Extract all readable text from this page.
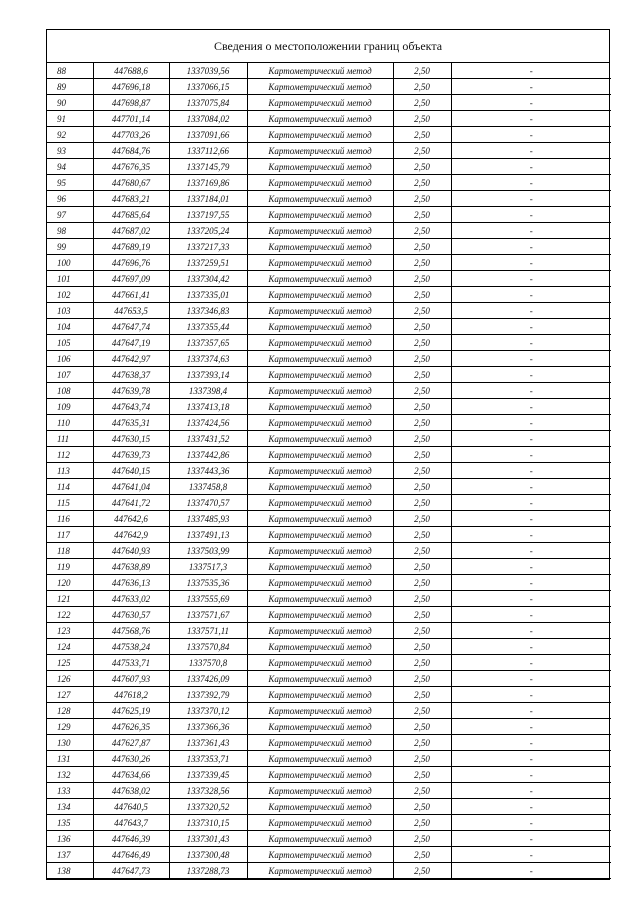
Сведения о местоположении границ объекта
88	447688,6	1337039,56	Картометрический метод	2,50	-
89	447696,18	1337066,15	Картометрический метод	2,50	-
90	447698,87	1337075,84	Картометрический метод	2,50	-
91	447701,14	1337084,02	Картометрический метод	2,50	-
92	447703,26	1337091,66	Картометрический метод	2,50	-
93	447684,76	1337112,66	Картометрический метод	2,50	-
94	447676,35	1337145,79	Картометрический метод	2,50	-
95	447680,67	1337169,86	Картометрический метод	2,50	-
96	447683,21	1337184,01	Картометрический метод	2,50	-
97	447685,64	1337197,55	Картометрический метод	2,50	-
98	447687,02	1337205,24	Картометрический метод	2,50	-
99	447689,19	1337217,33	Картометрический метод	2,50	-
100	447696,76	1337259,51	Картометрический метод	2,50	-
101	447697,09	1337304,42	Картометрический метод	2,50	-
102	447661,41	1337335,01	Картометрический метод	2,50	-
103	447653,5	1337346,83	Картометрический метод	2,50	-
104	447647,74	1337355,44	Картометрический метод	2,50	-
105	447647,19	1337357,65	Картометрический метод	2,50	-
106	447642,97	1337374,63	Картометрический метод	2,50	-
107	447638,37	1337393,14	Картометрический метод	2,50	-
108	447639,78	1337398,4	Картометрический метод	2,50	-
109	447643,74	1337413,18	Картометрический метод	2,50	-
110	447635,31	1337424,56	Картометрический метод	2,50	-
111	447630,15	1337431,52	Картометрический метод	2,50	-
112	447639,73	1337442,86	Картометрический метод	2,50	-
113	447640,15	1337443,36	Картометрический метод	2,50	-
114	447641,04	1337458,8	Картометрический метод	2,50	-
115	447641,72	1337470,57	Картометрический метод	2,50	-
116	447642,6	1337485,93	Картометрический метод	2,50	-
117	447642,9	1337491,13	Картометрический метод	2,50	-
118	447640,93	1337503,99	Картометрический метод	2,50	-
119	447638,89	1337517,3	Картометрический метод	2,50	-
120	447636,13	1337535,36	Картометрический метод	2,50	-
121	447633,02	1337555,69	Картометрический метод	2,50	-
122	447630,57	1337571,67	Картометрический метод	2,50	-
123	447568,76	1337571,11	Картометрический метод	2,50	-
124	447538,24	1337570,84	Картометрический метод	2,50	-
125	447533,71	1337570,8	Картометрический метод	2,50	-
126	447607,93	1337426,09	Картометрический метод	2,50	-
127	447618,2	1337392,79	Картометрический метод	2,50	-
128	447625,19	1337370,12	Картометрический метод	2,50	-
129	447626,35	1337366,36	Картометрический метод	2,50	-
130	447627,87	1337361,43	Картометрический метод	2,50	-
131	447630,26	1337353,71	Картометрический метод	2,50	-
132	447634,66	1337339,45	Картометрический метод	2,50	-
133	447638,02	1337328,56	Картометрический метод	2,50	-
134	447640,5	1337320,52	Картометрический метод	2,50	-
135	447643,7	1337310,15	Картометрический метод	2,50	-
136	447646,39	1337301,43	Картометрический метод	2,50	-
137	447646,49	1337300,48	Картометрический метод	2,50	-
138	447647,73	1337288,73	Картометрический метод	2,50	-
